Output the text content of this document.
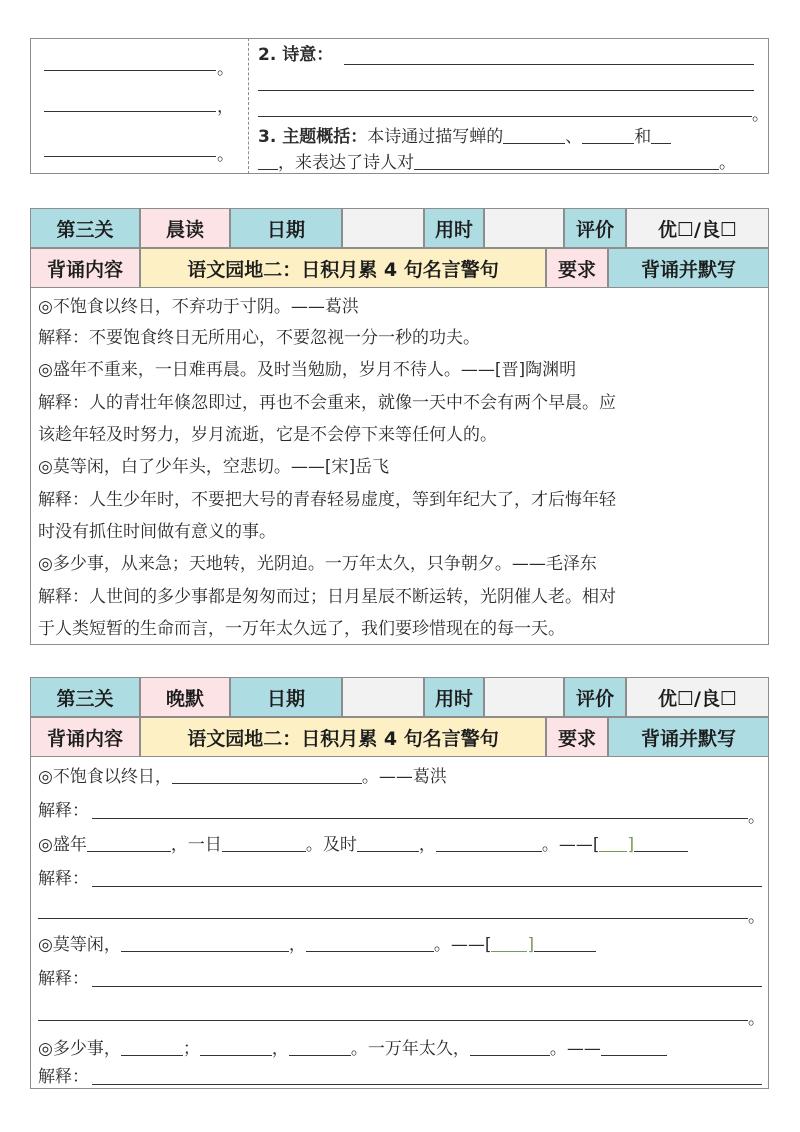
。
，
。
2. 诗意：
。
3. 主题概括：本诗通过描写蝉的	、	和
，来表达了诗人对	。
第三关	晨读	日期	用时	评价	优☐/良☐
背诵内容	语文园地二：日积月累 4 句名言警句	要求	背诵并默写
◎不饱食以终日，不弃功于寸阴。——葛洪
解释：不要饱食终日无所用心，不要忽视一分一秒的功夫。
◎盛年不重来，一日难再晨。及时当勉励，岁月不待人。——[晋]陶渊明
解释：人的青壮年倏忽即过，再也不会重来，就像一天中不会有两个早晨。应
该趁年轻及时努力，岁月流逝，它是不会停下来等任何人的。
◎莫等闲，白了少年头，空悲切。——[宋]岳飞
解释：人生少年时，不要把大号的青春轻易虚度，等到年纪大了，才后悔年轻
时没有抓住时间做有意义的事。
◎多少事，从来急；天地转，光阴迫。一万年太久，只争朝夕。——毛泽东
解释：人世间的多少事都是匆匆而过；日月星辰不断运转，光阴催人老。相对
于人类短暂的生命而言，一万年太久远了，我们要珍惜现在的每一天。
第三关	晚默	日期	用时	评价	优☐/良☐
背诵内容	语文园地二：日积月累 4 句名言警句	要求	背诵并默写
◎不饱食以终日，	。——葛洪
解释：	。
◎盛年	，一日	。及时	，	。——[ ]
解释：
。
◎莫等闲，	，	。——[ ]
解释：
。
◎多少事，	；	，	。一万年太久，	。——
解释：
